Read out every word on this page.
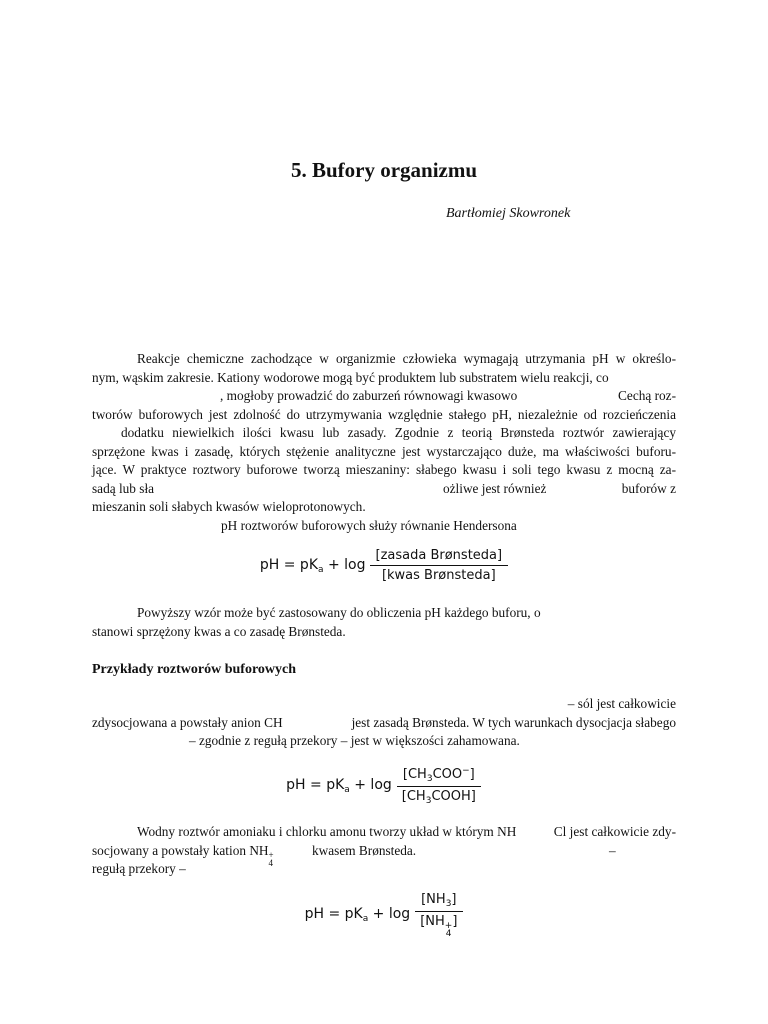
5. Bufory organizmu
Bartłomiej Skowronek
Reakcje chemiczne zachodzące w organizmie człowieka wymagają utrzymania pH w określo-
nym, wąskim zakresie. Kationy wodorowe mogą być produktem lub substratem wielu reakcji, co
, mogłoby prowadzić do zaburzeń równowagi kwasowo	Cechą roz-
tworów buforowych jest zdolność do utrzymywania względnie stałego pH, niezależnie od rozcieńczenia
dodatku niewielkich ilości kwasu lub zasady. Zgodnie z teorią Brønsteda roztwór zawierający
sprzężone kwas i zasadę, których stężenie analityczne jest wystarczająco duże, ma właściwości buforu-
jące. W praktyce roztwory buforowe tworzą mieszaniny: słabego kwasu i soli tego kwasu z mocną za-
sadą lub sła	ożliwe jest również	buforów z
mieszanin soli słabych kwasów wieloprotonowych.
pH roztworów buforowych służy równanie Hendersona
pH = $pK_a + \log \frac{\text{[zasada Brønsteda]}}{\text{[kwas Brønsteda]}}$
Powyższy wzór może być zastosowany do obliczenia pH każdego buforu, o
stanowi sprzężony kwas a co zasadę Brønsteda.
Przykłady roztworów buforowych
– sól jest całkowicie
zdysocjowana a powstały anion CH	jest zasadą Brønsteda. W tych warunkach dysocjacja słabego
– zgodnie z regułą przekory – jest w większości zahamowana.
pH = $pK_a + \log \frac{[CH_3COO^-]}{[CH_3COOH]}$
Wodny roztwór amoniaku i chlorku amonu tworzy układ w którym NH	Cl jest całkowicie zdy-
socjowany a powstały kation NH +
4
kwasem Brønsteda.	–
regułą przekory –
pH = $pK_a + \log [NH_3]$
[NH +
4
]
